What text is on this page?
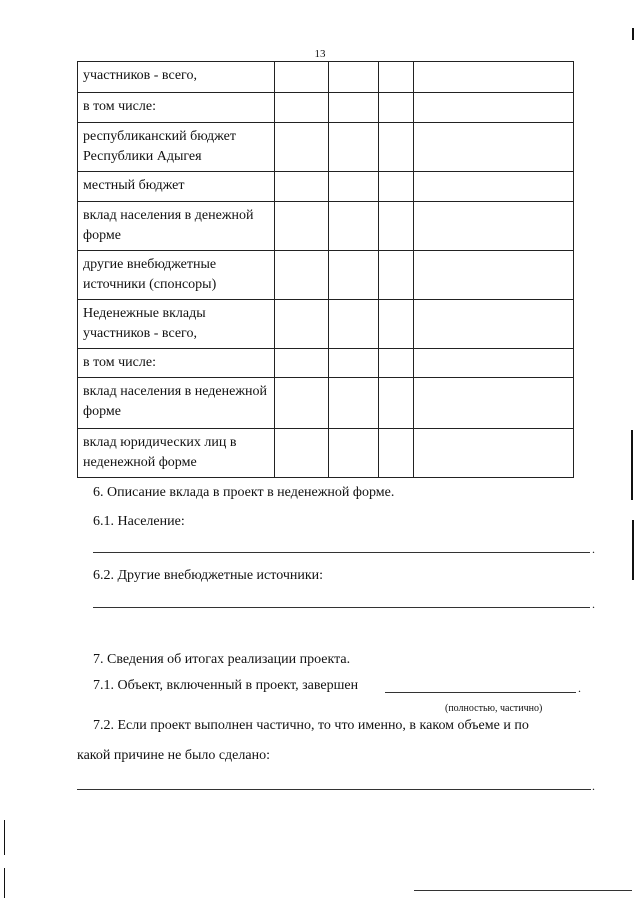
13
участников - всего,				
в том числе:				
республиканский бюджет Республики Адыгея				
местный бюджет				
вклад населения в денежной форме				
другие внебюджетные источники (спонсоры)				
Неденежные вклады участников - всего,				
в том числе:				
вклад населения в неденежной форме				
вклад юридических лиц в неденежной форме				
6. Описание вклада в проект в неденежной форме.
6.1. Население:
.
6.2. Другие внебюджетные источники:
.
7. Сведения об итогах реализации проекта.
7.1. Объект, включенный в проект, завершен	.
(полностью, частично)
7.2. Если проект выполнен частично, то что именно, в каком объеме и по
какой причине не было сделано:
.
